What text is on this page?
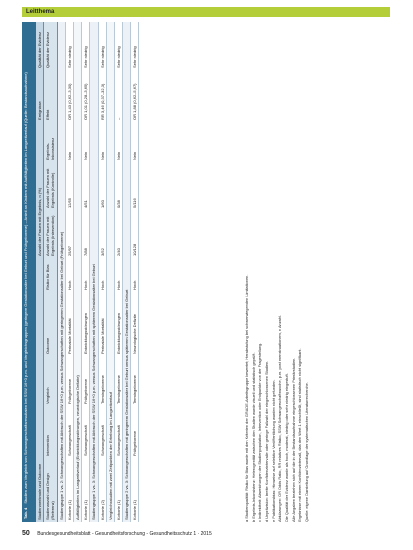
Leitthema
Tab. 4 Studien zum Vergleich von Schwangerschaftsresultaten bei SSW 16+0 p.m. und Vergleichsgruppen (geringere Gestationsalter bei Geburt und Frühgeborene) – Anteil an Kindern mit Auffälligkeiten im Langzeitverlauf (Quelle: Bestandsaufnahme)	Studienmerkmale und Outcome					Anzahl der Frauen mit Ergebnis, n (%)			Ereignisse	Qualität der Evidenz
Studienanzahl und Design (Referenz)	Intervention	Vergleich	Outcome	Risiko für Bias	Anzahl der Frauen mit Ergebnis (Intervention)	Anzahl der Frauen mit Ergebnis (Kontrolle)	Ergebnis-Inkonsistenz	Effekt	Qualität der Evidenz
Studiengruppe 1 vs. 2: Schwangerschaften mit Abbruch der SSW 16+0 p.m. versus Schwangerschaften mit geringerem Gestationsalter bei Geburt (Frühgeborene)									
Kohorte (1)	Schwangerschaft	Frühgeborene	Perinatale Mortalität	Hoch	25/97	12/55	Nein	OR 1,43 (0,62–3,30)	Sehr niedrig
Auffälligkeiten im Langzeitverlauf (Entwicklungsstörungen, neurologische Defizite)									
Kohorte (1)	Schwangerschaft	Frühgeborene	Entwicklungsstörungen	Hoch	7/88	4/51	Nein	OR 1,01 (0,28–3,65)	Sehr niedrig
Studiengruppe 1 vs. 3: Schwangerschaften mit Abbruch der SSW 16+0 p.m. versus Schwangerschaften mit späterem Gestationsalter bei Geburt									
Kohorte (2)	Schwangerschaft	Termingeborene	Perinatale Mortalität	Hoch	3/52	1/60	Nein	RR 3,46 (0,37–32,3)	Sehr niedrig
Vergleichsstudien mit zwei Zeitpunkten der Erhebung im Langzeitverlauf									
Kohorte (1)	Schwangerschaft	Termingeborene	Entwicklungsstörungen	Hoch	2/40	0/38	Nein	–	Sehr niedrig
Studiengruppe 2 vs. 3: Schwangerschaften mit geringerem Gestationsalter bei Geburt versus späterem Gestationsalter bei Geburt									
Kohorte (1)	Frühgeborene	Termingeborene	Neurologische Defizite	Hoch	10/128	5/116	Nein	OR 1,88 (0,62–5,67)	Sehr niedrig

a Studienqualität: Risiko für Bias wurde mit den Kriterien der GRADE-Arbeitsgruppe bewertet; Herabstufung bei schwerwiegenden Limitationen. b Ergebnis-Inkonsistenz: Heterogenität zwischen den Studien wurde visuell und statistisch geprüft. c Indirektheit: Abweichungen der Studienpopulation, Intervention oder Endpunkte von der Fragestellung. d Unpräzision: breite Konfidenzintervalle oder geringe Fallzahl der eingeschlossenen Studien. e Publikationsbias: Hinweise auf selektive Veröffentlichung wurden nicht gefunden. Abkürzungen: OR Odds Ratio, RR relatives Risiko, SSW Schwangerschaftswoche, p.m. post menstruationem, n Anzahl. Die Qualität der Evidenz wurde als hoch, moderat, niedrig oder sehr niedrig eingestuft. Alle Angaben beziehen sich auf die in der Bestandsaufnahme eingeschlossenen Primärstudien. Ergebnisse mit einem Konfidenzintervall, das den Wert 1 einschließt, sind statistisch nicht signifikant. Quelle: eigene Darstellung auf Grundlage der systematischen Literaturrecherche.

50 Bundesgesundheitsblatt - Gesundheitsforschung - Gesundheitsschutz 1 · 2015
